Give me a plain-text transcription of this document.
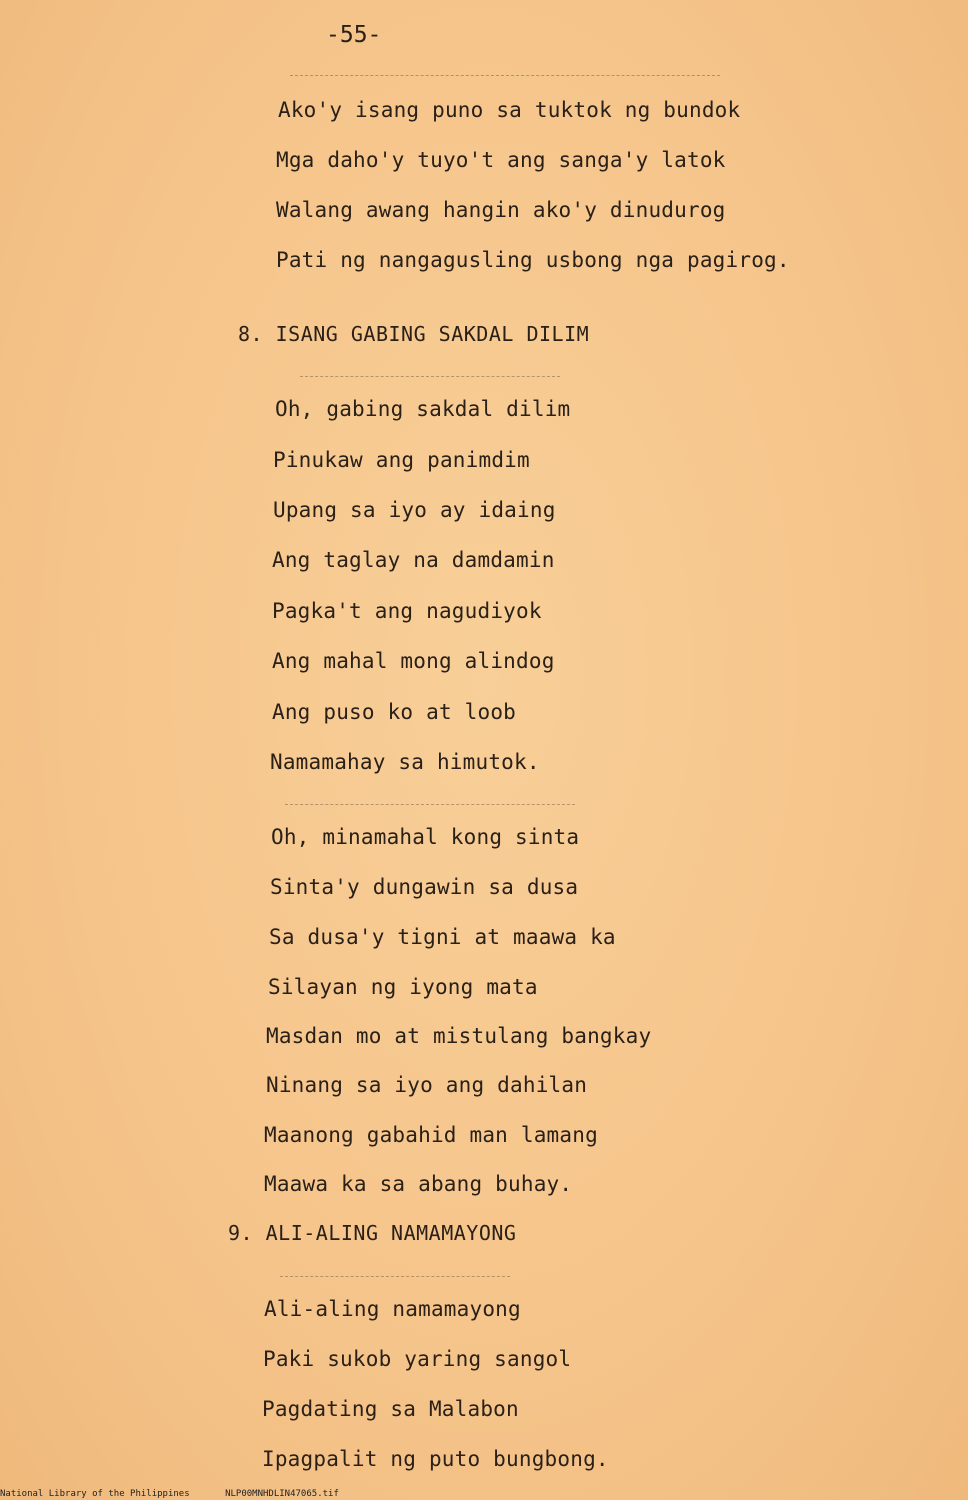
-55-
Ako'y isang puno sa tuktok ng bundok
Mga daho'y tuyo't ang sanga'y latok
Walang awang hangin ako'y dinudurog
Pati ng nangagusling usbong nga pagirog.
8. ISANG GABING SAKDAL DILIM
Oh, gabing sakdal dilim
Pinukaw ang panimdim
Upang sa iyo ay idaing
Ang taglay na damdamin
Pagka't ang nagudiyok
Ang mahal mong alindog
Ang puso ko at loob
Namamahay sa himutok.
Oh, minamahal kong sinta
Sinta'y dungawin sa dusa
Sa dusa'y tigni at maawa ka
Silayan ng iyong mata
Masdan mo at mistulang bangkay
Ninang sa iyo ang dahilan
Maanong gabahid man lamang
Maawa ka sa abang buhay.
9. ALI-ALING NAMAMAYONG
Ali-aling namamayong
Paki sukob yaring sangol
Pagdating sa Malabon
Ipagpalit ng puto bungbong.
National Library of the Philippines	NLP00MNHDLIN47065.tif
